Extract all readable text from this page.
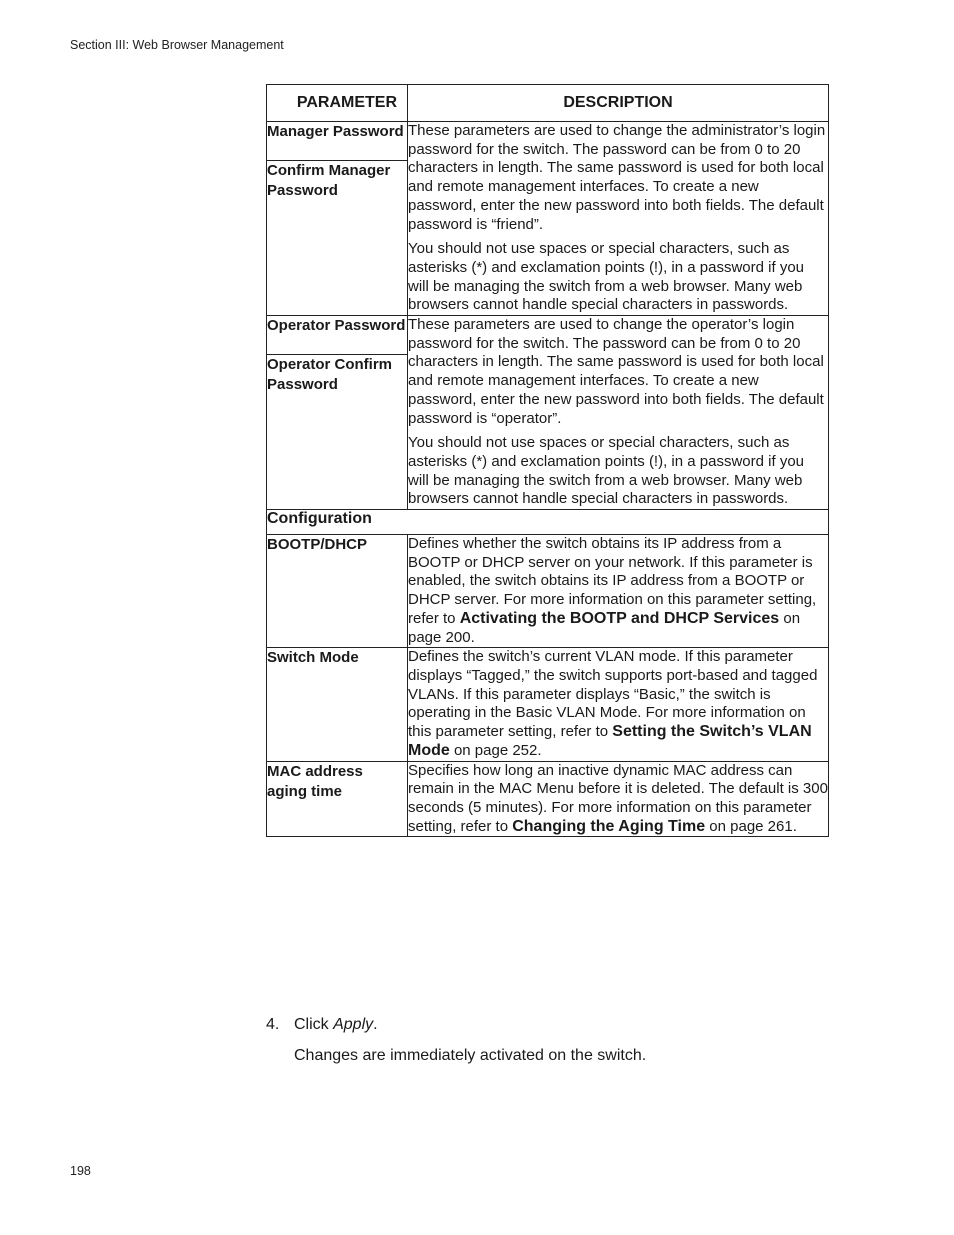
Section III: Web Browser Management
PARAMETER	DESCRIPTION
Manager Password	These parameters are used to change the administrator’s login password for the switch. The password can be from 0 to 20 characters in length. The same password is used for both local and remote management interfaces. To create a new password, enter the new password into both fields. The default password is “friend”.

You should not use spaces or special characters, such as asterisks (*) and exclamation points (!), in a password if you will be managing the switch from a web browser. Many web browsers cannot handle special characters in passwords.

Confirm Manager Password	
Operator Password	These parameters are used to change the operator’s login password for the switch. The password can be from 0 to 20 characters in length. The same password is used for both local and remote management interfaces. To create a new password, enter the new password into both fields. The default password is “operator”.

You should not use spaces or special characters, such as asterisks (*) and exclamation points (!), in a password if you will be managing the switch from a web browser. Many web browsers cannot handle special characters in passwords.

Operator Confirm Password	
Configuration	
BOOTP/DHCP	Defines whether the switch obtains its IP address from a BOOTP or DHCP server on your network. If this parameter is enabled, the switch obtains its IP address from a BOOTP or DHCP server. For more information on this parameter setting, refer to Activating the BOOTP and DHCP Services on page 200.

Switch Mode	Defines the switch’s current VLAN mode. If this parameter displays “Tagged,” the switch supports port-based and tagged VLANs. If this parameter displays “Basic,” the switch is operating in the Basic VLAN Mode. For more information on this parameter setting, refer to Setting the Switch’s VLAN Mode on page 252.

MAC address aging time	Specifies how long an inactive dynamic MAC address can remain in the MAC Menu before it is deleted. The default is 300 seconds (5 minutes). For more information on this parameter setting, refer to Changing the Aging Time on page 261.

4. Click Apply.
Changes are immediately activated on the switch.
198
